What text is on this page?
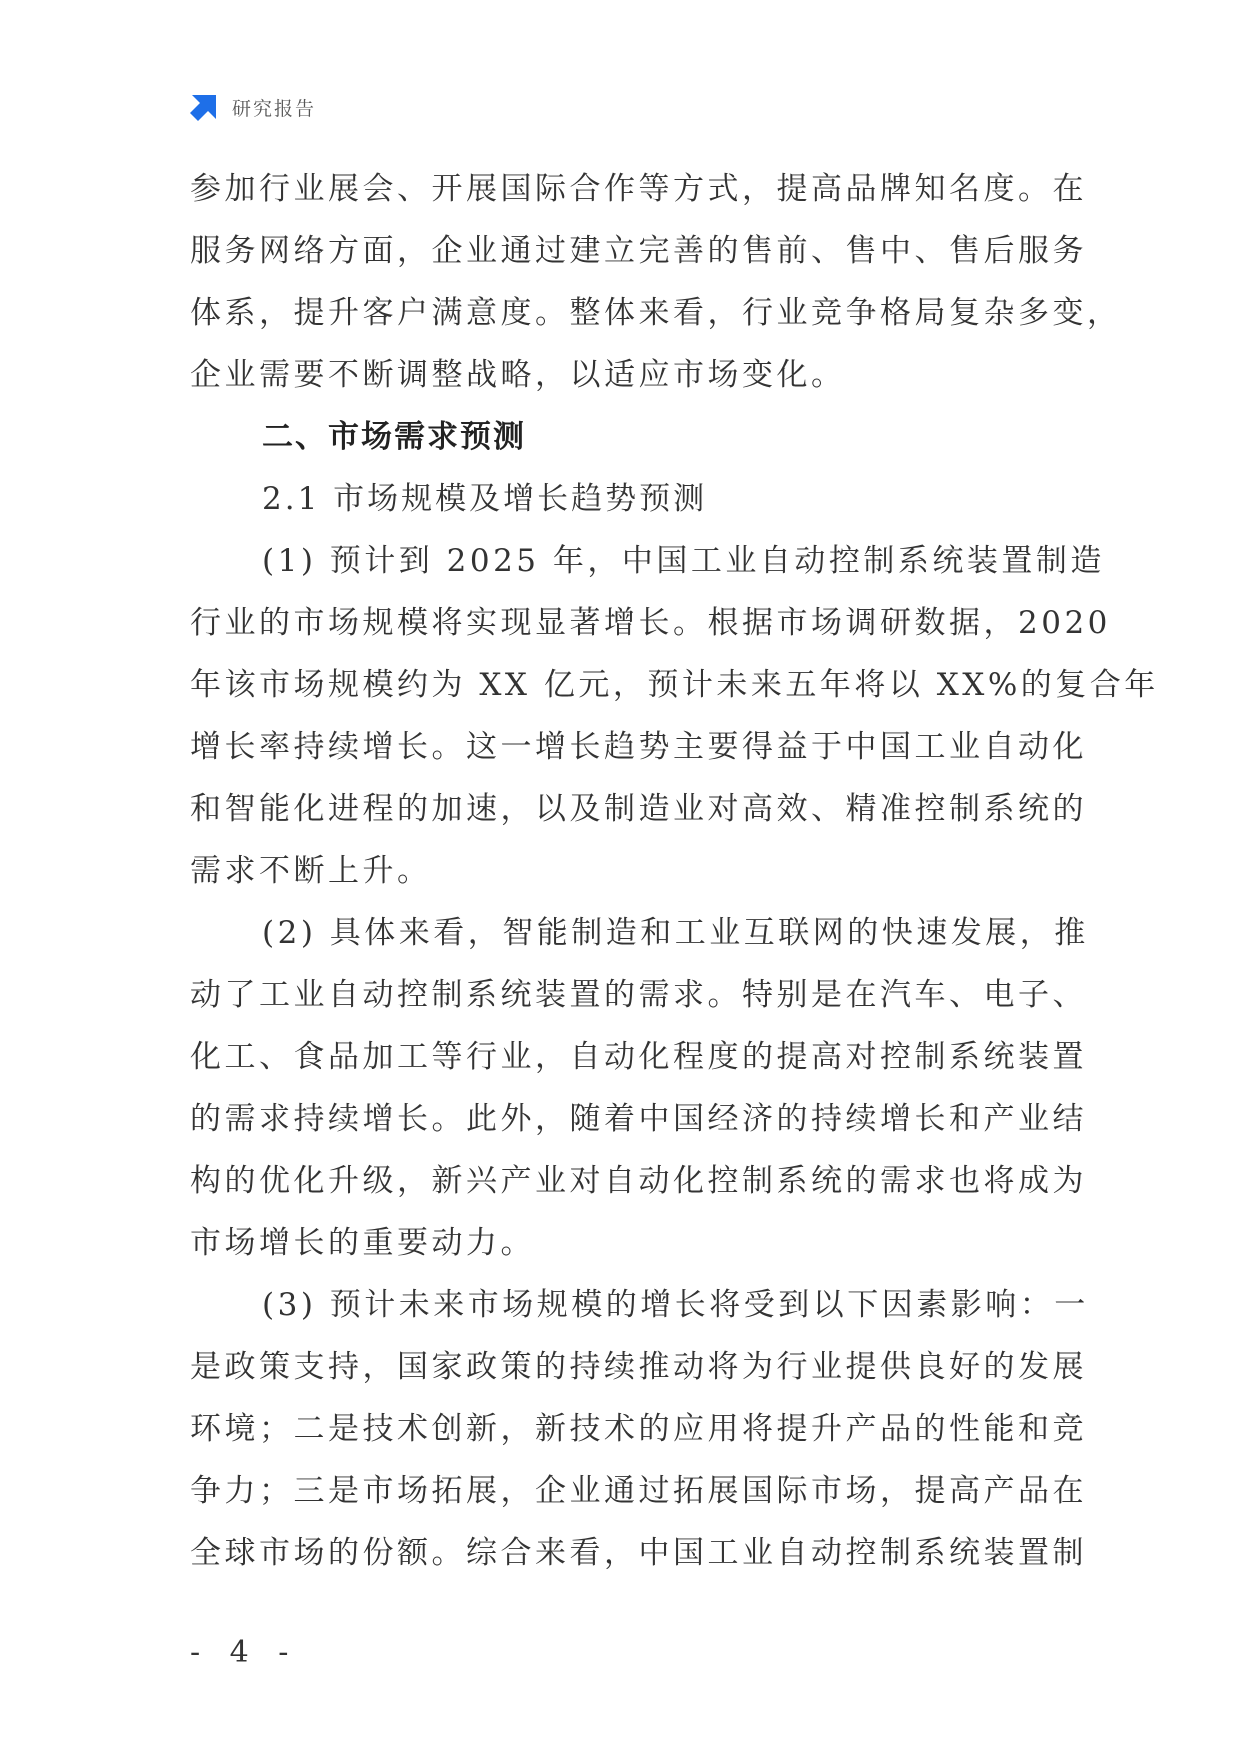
研究报告
参加行业展会、开展国际合作等方式，提高品牌知名度。在
服务网络方面，企业通过建立完善的售前、售中、售后服务
体系，提升客户满意度。整体来看，行业竞争格局复杂多变，
企业需要不断调整战略，以适应市场变化。
二、市场需求预测
2.1 市场规模及增长趋势预测
(1) 预计到 2025 年，中国工业自动控制系统装置制造
行业的市场规模将实现显著增长。根据市场调研数据，2020
年该市场规模约为 XX 亿元，预计未来五年将以 XX%的复合年
增长率持续增长。这一增长趋势主要得益于中国工业自动化
和智能化进程的加速，以及制造业对高效、精准控制系统的
需求不断上升。
(2) 具体来看，智能制造和工业互联网的快速发展，推
动了工业自动控制系统装置的需求。特别是在汽车、电子、
化工、食品加工等行业，自动化程度的提高对控制系统装置
的需求持续增长。此外，随着中国经济的持续增长和产业结
构的优化升级，新兴产业对自动化控制系统的需求也将成为
市场增长的重要动力。
(3) 预计未来市场规模的增长将受到以下因素影响：一
是政策支持，国家政策的持续推动将为行业提供良好的发展
环境；二是技术创新，新技术的应用将提升产品的性能和竞
争力；三是市场拓展，企业通过拓展国际市场，提高产品在
全球市场的份额。综合来看，中国工业自动控制系统装置制
- 4 -
